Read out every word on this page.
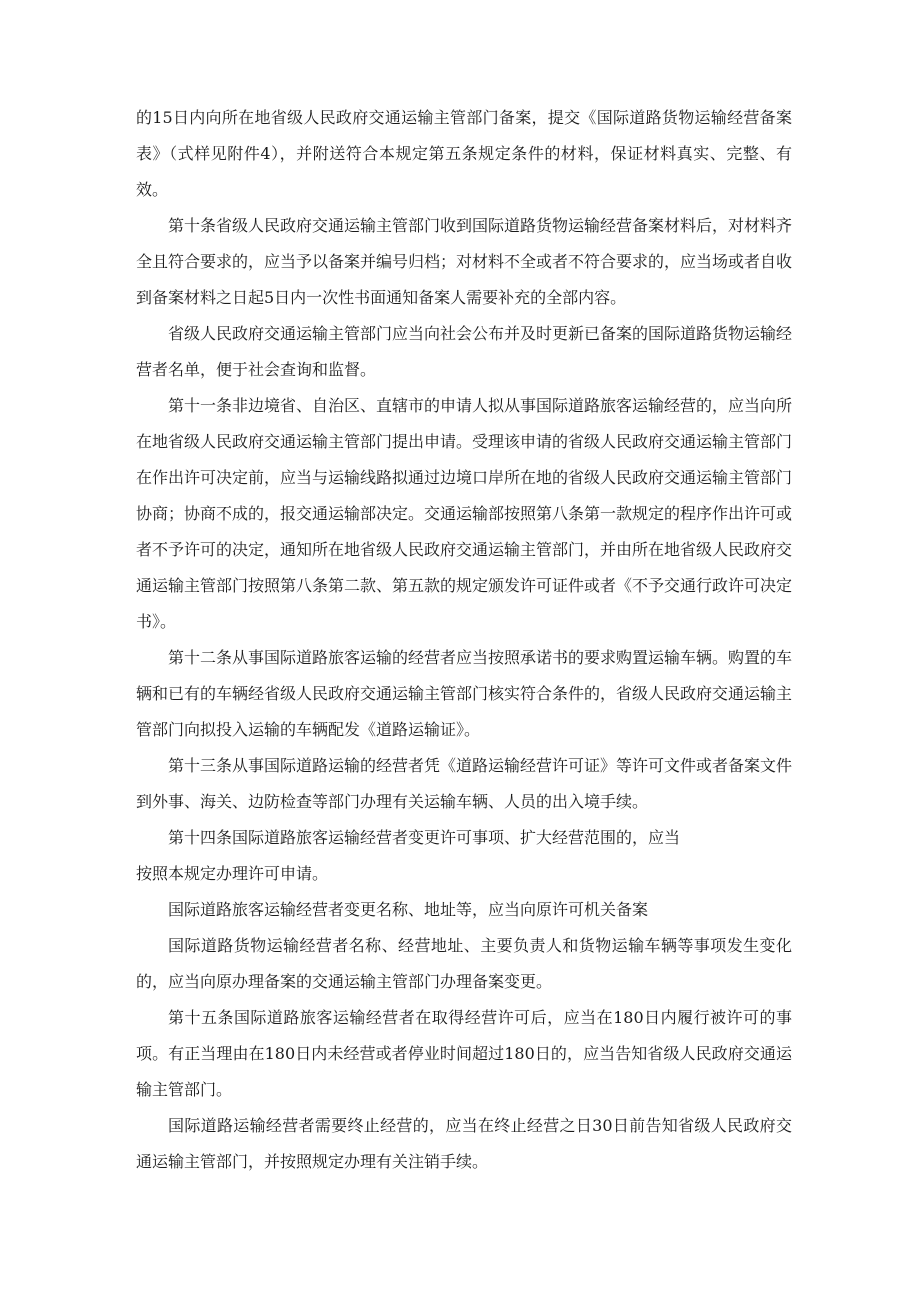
的15日内向所在地省级人民政府交通运输主管部门备案，提交《国际道路货物运输经营备案表》（式样见附件4），并附送符合本规定第五条规定条件的材料，保证材料真实、完整、有效。

第十条省级人民政府交通运输主管部门收到国际道路货物运输经营备案材料后，对材料齐全且符合要求的，应当予以备案并编号归档；对材料不全或者不符合要求的，应当场或者自收到备案材料之日起5日内一次性书面通知备案人需要补充的全部内容。

省级人民政府交通运输主管部门应当向社会公布并及时更新已备案的国际道路货物运输经营者名单，便于社会查询和监督。

第十一条非边境省、自治区、直辖市的申请人拟从事国际道路旅客运输经营的，应当向所在地省级人民政府交通运输主管部门提出申请。受理该申请的省级人民政府交通运输主管部门在作出许可决定前，应当与运输线路拟通过边境口岸所在地的省级人民政府交通运输主管部门协商；协商不成的，报交通运输部决定。交通运输部按照第八条第一款规定的程序作出许可或者不予许可的决定，通知所在地省级人民政府交通运输主管部门，并由所在地省级人民政府交通运输主管部门按照第八条第二款、第五款的规定颁发许可证件或者《不予交通行政许可决定书》。

第十二条从事国际道路旅客运输的经营者应当按照承诺书的要求购置运输车辆。购置的车辆和已有的车辆经省级人民政府交通运输主管部门核实符合条件的，省级人民政府交通运输主管部门向拟投入运输的车辆配发《道路运输证》。

第十三条从事国际道路运输的经营者凭《道路运输经营许可证》等许可文件或者备案文件到外事、海关、边防检查等部门办理有关运输车辆、人员的出入境手续。

第十四条国际道路旅客运输经营者变更许可事项、扩大经营范围的，应当

按照本规定办理许可申请。

国际道路旅客运输经营者变更名称、地址等，应当向原许可机关备案

国际道路货物运输经营者名称、经营地址、主要负责人和货物运输车辆等事项发生变化的，应当向原办理备案的交通运输主管部门办理备案变更。

第十五条国际道路旅客运输经营者在取得经营许可后，应当在180日内履行被许可的事项。有正当理由在180日内未经营或者停业时间超过180日的，应当告知省级人民政府交通运输主管部门。

国际道路运输经营者需要终止经营的，应当在终止经营之日30日前告知省级人民政府交通运输主管部门，并按照规定办理有关注销手续。
